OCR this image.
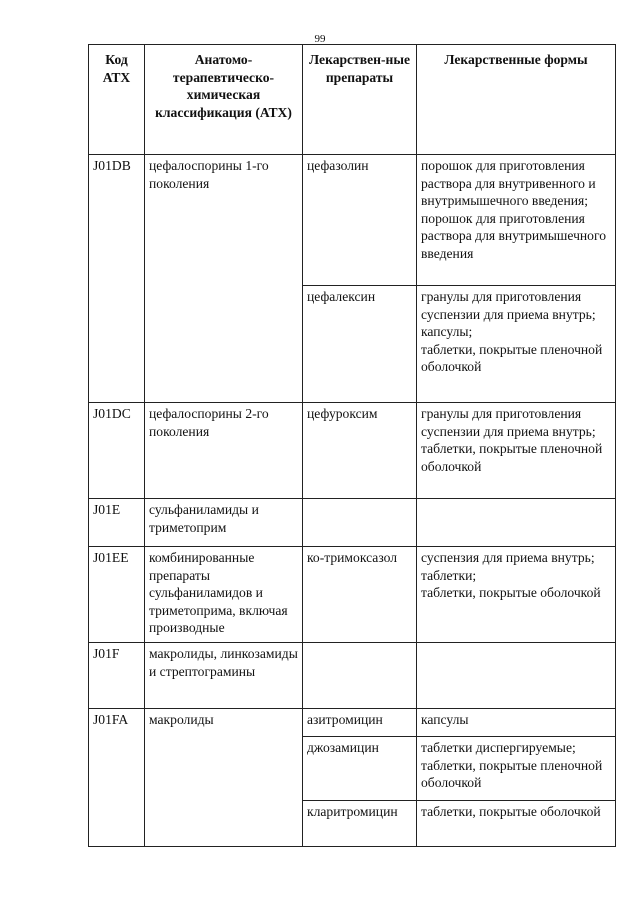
99
Код АТХ	Анатомо-терапевтическо-химическая классификация (АТХ)	Лекарствен-ные препараты	Лекарственные формы
J01DB	цефалоспорины 1-го поколения	цефазолин	порошок для приготовления раствора для внутривенного и внутримышечного введения;
порошок для приготовления раствора для внутримышечного введения

		цефалексин	гранулы для приготовления суспензии для приема внутрь;
капсулы;
таблетки, покрытые пленочной оболочкой

J01DC	цефалоспорины 2-го поколения	цефуроксим	гранулы для приготовления суспензии для приема внутрь;
таблетки, покрытые пленочной оболочкой

J01E	сульфаниламиды и триметоприм		
J01EE	комбинированные препараты сульфаниламидов и триметоприма, включая производные	ко-тримоксазол	суспензия для приема внутрь;
таблетки;
таблетки, покрытые оболочкой

J01F	макролиды, линкозамиды и стрептограмины		
J01FA	макролиды	азитромицин	капсулы

		джозамицин	таблетки диспергируемые;
таблетки, покрытые пленочной оболочкой

		кларитромицин	таблетки, покрытые оболочкой
